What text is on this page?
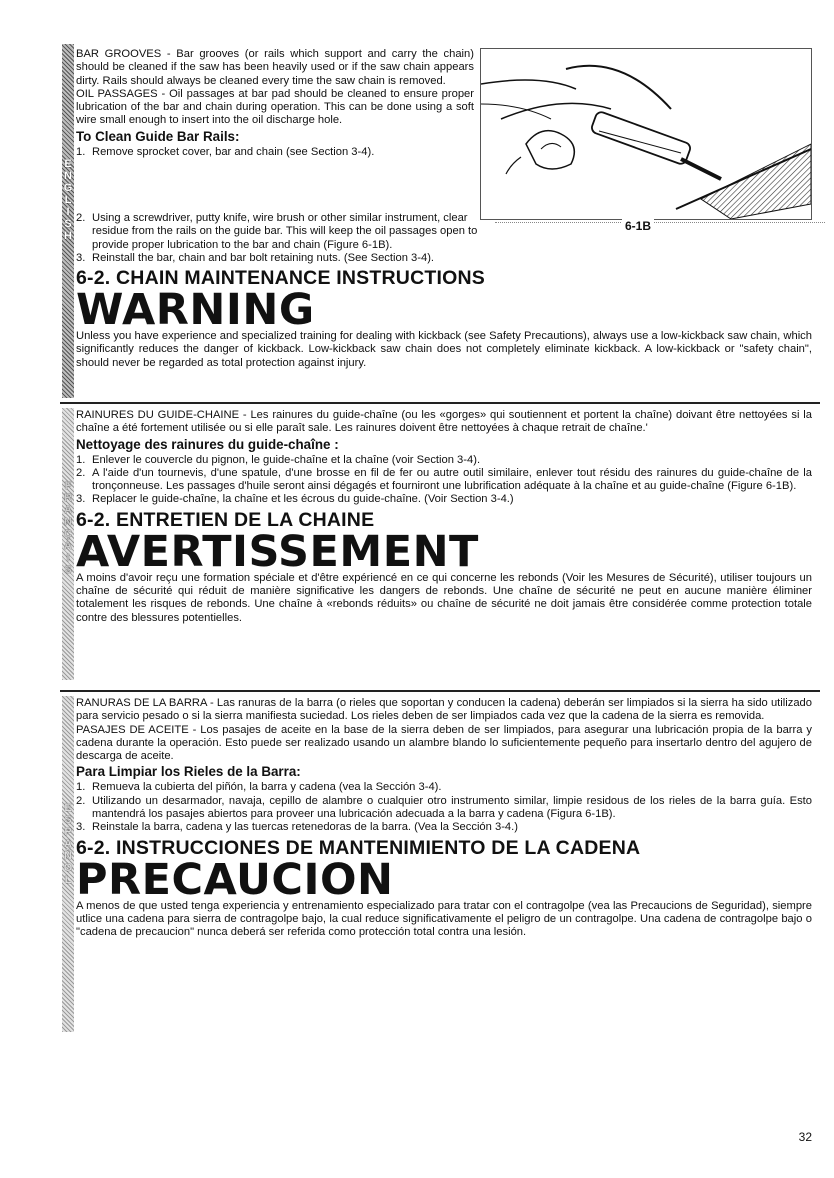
E
N
G
L
I
S
H

BAR GROOVES - Bar grooves (or rails which support and carry the chain) should be cleaned if the saw has been heavily used or if the saw chain appears dirty. Rails should always be cleaned every time the saw chain is removed.

OIL PASSAGES - Oil passages at bar pad should be cleaned to ensure proper lubrication of the bar and chain during operation. This can be done using a soft wire small enough to insert into the oil discharge hole.

To Clean Guide Bar Rails:
1. Remove sprocket cover, bar and chain (see Section 3-4).
2. Using a screwdriver, putty knife, wire brush or other similar instrument, clear residue from the rails on the guide bar. This will keep the oil passages open to provide proper lubrication to the bar and chain (Figure 6-1B).
3. Reinstall the bar, chain and bar bolt retaining nuts. (See Section 3-4).
6-2. CHAIN MAINTENANCE INSTRUCTIONS
WARNING

Unless you have experience and specialized training for dealing with kickback (see Safety Precautions), always use a low-kickback saw chain, which significantly reduces the danger of kickback. Low-kickback saw chain does not completely eliminate kickback. A low-kickback or "safety chain", should never be regarded as total protection against injury.

6-1B
F
R
A
N
Ç
A
I
S

RAINURES DU GUIDE-CHAINE - Les rainures du guide-chaîne (ou les «gorges» qui soutiennent et portent la chaîne) doivant être nettoyées si la chaîne a été fortement utilisée ou si elle paraît sale. Les rainures doivent être nettoyées à chaque retrait de chaîne.'

Nettoyage des rainures du guide-chaîne :
1. Enlever le couvercle du pignon, le guide-chaîne et la chaîne (voir Section 3-4).
2. A l'aide d'un tournevis, d'une spatule, d'une brosse en fil de fer ou autre outil similaire, enlever tout résidu des rainures du guide-chaîne de la tronçonneuse. Les passages d'huile seront ainsi dégagés et fourniront une lubrification adéquate à la chaîne et au guide-chaîne (Figure 6-1B).
3. Replacer le guide-chaîne, la chaîne et les écrous du guide-chaîne. (Voir Section 3-4.)
6-2. ENTRETIEN DE LA CHAINE
AVERTISSEMENT

A moins d'avoir reçu une formation spéciale et d'être expériencé en ce qui concerne les rebonds (Voir les Mesures de Sécurité), utiliser toujours un chaîne de sécurité qui réduit de manière significative les dangers de rebonds. Une chaîne de sécurité ne peut en aucune manière éliminer totalement les risques de rebonds. Une chaîne à «rebonds réduits» ou chaîne de sécurité ne doit jamais être considérée comme protection totale contre des blessures potentielles.

E
S
P
A
Ñ
O
L

RANURAS DE LA BARRA - Las ranuras de la barra (o rieles que soportan y conducen la cadena) deberán ser limpiados si la sierra ha sido utilizado para servicio pesado o si la sierra manifiesta suciedad. Los rieles deben de ser limpiados cada vez que la cadena de la sierra es removida.

PASAJES DE ACEITE - Los pasajes de aceite en la base de la sierra deben de ser limpiados, para asegurar una lubricación propia de la barra y cadena durante la operación. Esto puede ser realizado usando un alambre blando lo suficientemente pequeño para insertarlo dentro del agujero de descarga de aceite.

Para Limpiar los Rieles de la Barra:
1. Remueva la cubierta del piñón, la barra y cadena (vea la Sección 3-4).
2. Utilizando un desarmador, navaja, cepillo de alambre o cualquier otro instrumento similar, limpie residous de los rieles de la barra guía. Esto mantendrá los pasajes abiertos para proveer una lubricación adecuada a la barra y cadena (Figura 6-1B).
3. Reinstale la barra, cadena y las tuercas retenedoras de la barra. (Vea la Sección 3-4.)
6-2. INSTRUCCIONES DE MANTENIMIENTO DE LA CADENA
PRECAUCION

A menos de que usted tenga experiencia y entrenamiento especializado para tratar con el contragolpe (vea las Precaucions de Seguridad), siempre utlice una cadena para sierra de contragolpe bajo, la cual reduce significativamente el peligro de un contragolpe. Una cadena de contragolpe bajo o "cadena de precaucion" nunca deberá ser referida como protección total contra una lesión.

32
